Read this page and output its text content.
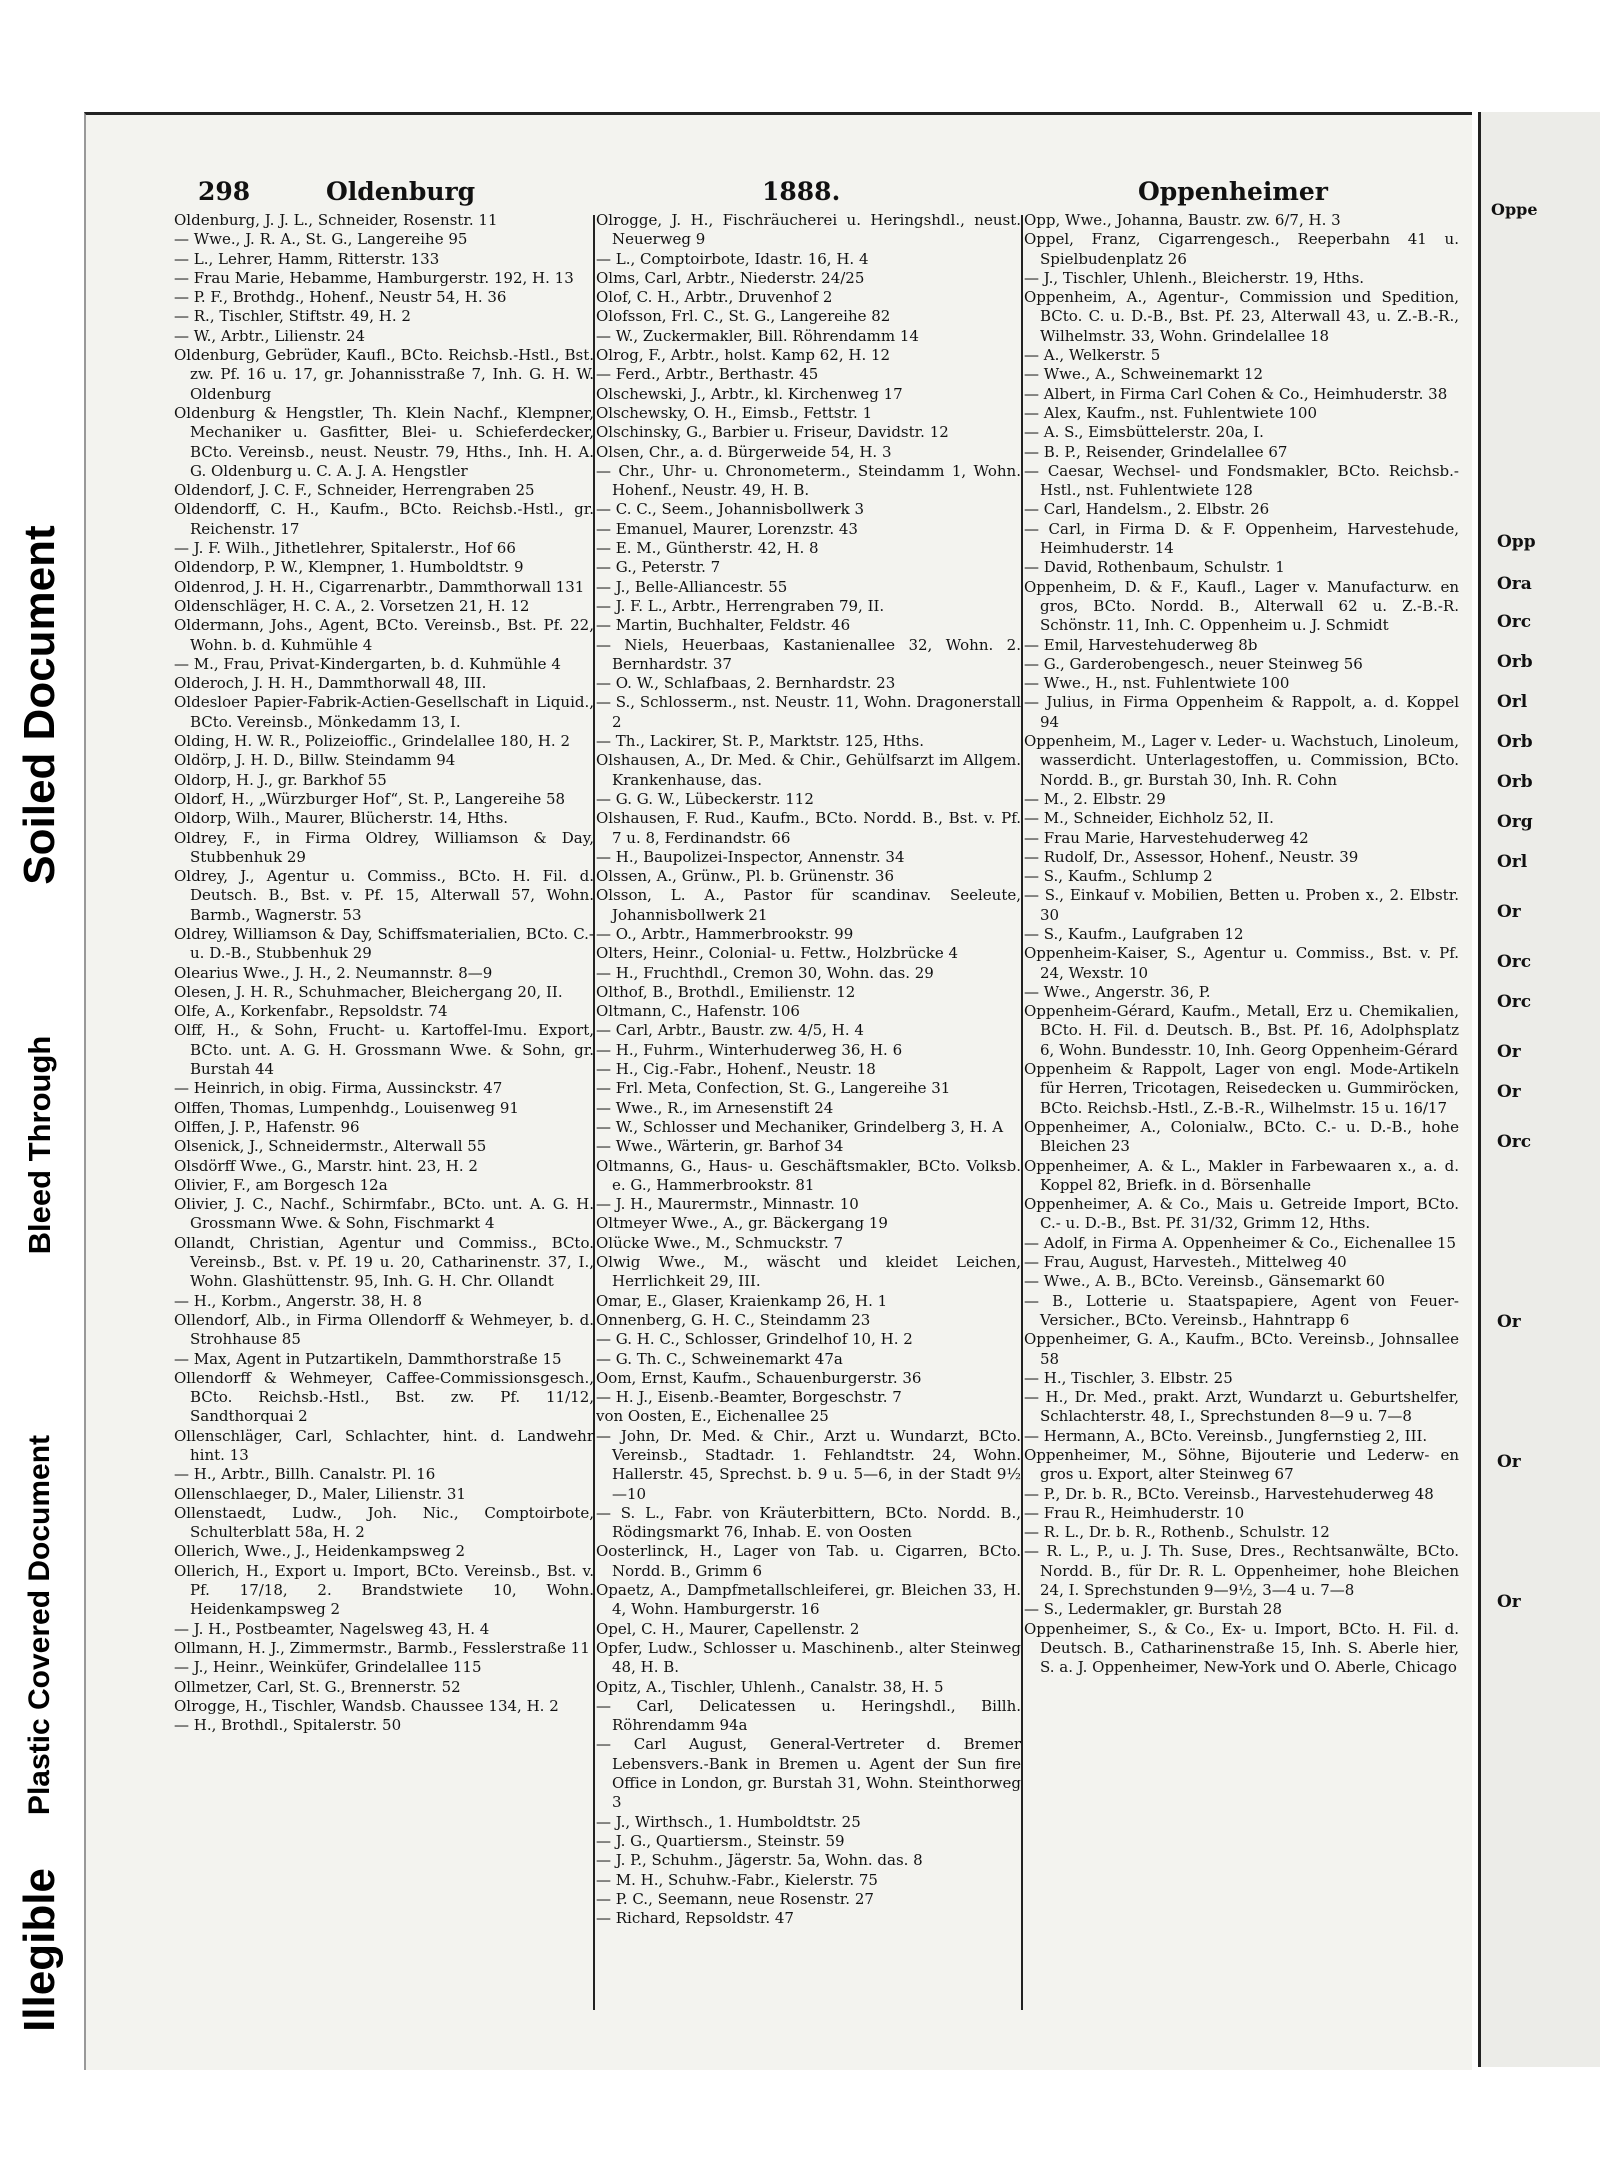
Illegible
Plastic Covered Document
Bleed Through
Soiled Document
298	Oldenburg	1888.	Oppenheimer

Oldenburg, J. J. L., Schneider, Rosenstr. 11

— Wwe., J. R. A., St. G., Langereihe 95

— L., Lehrer, Hamm, Ritterstr. 133

— Frau Marie, Hebamme, Hamburgerstr. 192, H. 13

— P. F., Brothdg., Hohenf., Neustr 54, H. 36

— R., Tischler, Stiftstr. 49, H. 2

— W., Arbtr., Lilienstr. 24

Oldenburg, Gebrüder, Kaufl., BCto. Reichsb.-Hstl., Bst. zw. Pf. 16 u. 17, gr. Johannisstraße 7, Inh. G. H. W. Oldenburg

Oldenburg & Hengstler, Th. Klein Nachf., Klempner, Mechaniker u. Gasfitter, Blei- u. Schieferdecker, BCto. Vereinsb., neust. Neustr. 79, Hths., Inh. H. A. G. Oldenburg u. C. A. J. A. Hengstler

Oldendorf, J. C. F., Schneider, Herrengraben 25

Oldendorff, C. H., Kaufm., BCto. Reichsb.-Hstl., gr. Reichenstr. 17

— J. F. Wilh., Jithetlehrer, Spitalerstr., Hof 66

Oldendorp, P. W., Klempner, 1. Humboldtstr. 9

Oldenrod, J. H. H., Cigarrenarbtr., Dammthorwall 131

Oldenschläger, H. C. A., 2. Vorsetzen 21, H. 12

Oldermann, Johs., Agent, BCto. Vereinsb., Bst. Pf. 22, Wohn. b. d. Kuhmühle 4

— M., Frau, Privat-Kindergarten, b. d. Kuhmühle 4

Olderoch, J. H. H., Dammthorwall 48, III.

Oldesloer Papier-Fabrik-Actien-Gesellschaft in Liquid., BCto. Vereinsb., Mönkedamm 13, I.

Olding, H. W. R., Polizeioffic., Grindelallee 180, H. 2

Oldörp, J. H. D., Billw. Steindamm 94

Oldorp, H. J., gr. Barkhof 55

Oldorf, H., „Würzburger Hof“, St. P., Langereihe 58

Oldorp, Wilh., Maurer, Blücherstr. 14, Hths.

Oldrey, F., in Firma Oldrey, Williamson & Day, Stubbenhuk 29

Oldrey, J., Agentur u. Commiss., BCto. H. Fil. d. Deutsch. B., Bst. v. Pf. 15, Alterwall 57, Wohn. Barmb., Wagnerstr. 53

Oldrey, Williamson & Day, Schiffsmaterialien, BCto. C.- u. D.-B., Stubbenhuk 29

Olearius Wwe., J. H., 2. Neumannstr. 8—9

Olesen, J. H. R., Schuhmacher, Bleichergang 20, II.

Olfe, A., Korkenfabr., Repsoldstr. 74

Olff, H., & Sohn, Frucht- u. Kartoffel-Imu. Export, BCto. unt. A. G. H. Grossmann Wwe. & Sohn, gr. Burstah 44

— Heinrich, in obig. Firma, Aussinckstr. 47

Olffen, Thomas, Lumpenhdg., Louisenweg 91

Olffen, J. P., Hafenstr. 96

Olsenick, J., Schneidermstr., Alterwall 55

Olsdörff Wwe., G., Marstr. hint. 23, H. 2

Olivier, F., am Borgesch 12a

Olivier, J. C., Nachf., Schirmfabr., BCto. unt. A. G. H. Grossmann Wwe. & Sohn, Fischmarkt 4

Ollandt, Christian, Agentur und Commiss., BCto. Vereinsb., Bst. v. Pf. 19 u. 20, Catharinenstr. 37, I., Wohn. Glashüttenstr. 95, Inh. G. H. Chr. Ollandt

— H., Korbm., Angerstr. 38, H. 8

Ollendorf, Alb., in Firma Ollendorff & Wehmeyer, b. d. Strohhause 85

— Max, Agent in Putzartikeln, Dammthorstraße 15

Ollendorff & Wehmeyer, Caffee-Commissionsgesch., BCto. Reichsb.-Hstl., Bst. zw. Pf. 11/12, Sandthorquai 2

Ollenschläger, Carl, Schlachter, hint. d. Landwehr hint. 13

— H., Arbtr., Billh. Canalstr. Pl. 16

Ollenschlaeger, D., Maler, Lilienstr. 31

Ollenstaedt, Ludw., Joh. Nic., Comptoirbote, Schulterblatt 58a, H. 2

Ollerich, Wwe., J., Heidenkampsweg 2

Ollerich, H., Export u. Import, BCto. Vereinsb., Bst. v. Pf. 17/18, 2. Brandstwiete 10, Wohn. Heidenkampsweg 2

— J. H., Postbeamter, Nagelsweg 43, H. 4

Ollmann, H. J., Zimmermstr., Barmb., Fesslerstraße 11

— J., Heinr., Weinküfer, Grindelallee 115

Ollmetzer, Carl, St. G., Brennerstr. 52

Olrogge, H., Tischler, Wandsb. Chaussee 134, H. 2

— H., Brothdl., Spitalerstr. 50

Olrogge, J. H., Fischräucherei u. Heringshdl., neust. Neuerweg 9

— L., Comptoirbote, Idastr. 16, H. 4

Olms, Carl, Arbtr., Niederstr. 24/25

Olof, C. H., Arbtr., Druvenhof 2

Olofsson, Frl. C., St. G., Langereihe 82

— W., Zuckermakler, Bill. Röhrendamm 14

Olrog, F., Arbtr., holst. Kamp 62, H. 12

— Ferd., Arbtr., Berthastr. 45

Olschewski, J., Arbtr., kl. Kirchenweg 17

Olschewsky, O. H., Eimsb., Fettstr. 1

Olschinsky, G., Barbier u. Friseur, Davidstr. 12

Olsen, Chr., a. d. Bürgerweide 54, H. 3

— Chr., Uhr- u. Chronometerm., Steindamm 1, Wohn. Hohenf., Neustr. 49, H. B.

— C. C., Seem., Johannisbollwerk 3

— Emanuel, Maurer, Lorenzstr. 43

— E. M., Güntherstr. 42, H. 8

— G., Peterstr. 7

— J., Belle-Alliancestr. 55

— J. F. L., Arbtr., Herrengraben 79, II.

— Martin, Buchhalter, Feldstr. 46

— Niels, Heuerbaas, Kastanienallee 32, Wohn. 2. Bernhardstr. 37

— O. W., Schlafbaas, 2. Bernhardstr. 23

— S., Schlosserm., nst. Neustr. 11, Wohn. Dragonerstall 2

— Th., Lackirer, St. P., Marktstr. 125, Hths.

Olshausen, A., Dr. Med. & Chir., Gehülfsarzt im Allgem. Krankenhause, das.

— G. G. W., Lübeckerstr. 112

Olshausen, F. Rud., Kaufm., BCto. Nordd. B., Bst. v. Pf. 7 u. 8, Ferdinandstr. 66

— H., Baupolizei-Inspector, Annenstr. 34

Olssen, A., Grünw., Pl. b. Grünenstr. 36

Olsson, L. A., Pastor für scandinav. Seeleute, Johannisbollwerk 21

— O., Arbtr., Hammerbrookstr. 99

Olters, Heinr., Colonial- u. Fettw., Holzbrücke 4

— H., Fruchthdl., Cremon 30, Wohn. das. 29

Olthof, B., Brothdl., Emilienstr. 12

Oltmann, C., Hafenstr. 106

— Carl, Arbtr., Baustr. zw. 4/5, H. 4

— H., Fuhrm., Winterhuderweg 36, H. 6

— H., Cig.-Fabr., Hohenf., Neustr. 18

— Frl. Meta, Confection, St. G., Langereihe 31

— Wwe., R., im Arnesenstift 24

— W., Schlosser und Mechaniker, Grindelberg 3, H. A

— Wwe., Wärterin, gr. Barhof 34

Oltmanns, G., Haus- u. Geschäftsmakler, BCto. Volksb. e. G., Hammerbrookstr. 81

— J. H., Maurermstr., Minnastr. 10

Oltmeyer Wwe., A., gr. Bäckergang 19

Olücke Wwe., M., Schmuckstr. 7

Olwig Wwe., M., wäscht und kleidet Leichen, Herrlichkeit 29, III.

Omar, E., Glaser, Kraienkamp 26, H. 1

Onnenberg, G. H. C., Steindamm 23

— G. H. C., Schlosser, Grindelhof 10, H. 2

— G. Th. C., Schweinemarkt 47a

Oom, Ernst, Kaufm., Schauenburgerstr. 36

— H. J., Eisenb.-Beamter, Borgeschstr. 7

von Oosten, E., Eichenallee 25

— John, Dr. Med. & Chir., Arzt u. Wundarzt, BCto. Vereinsb., Stadtadr. 1. Fehlandtstr. 24, Wohn. Hallerstr. 45, Sprechst. b. 9 u. 5—6, in der Stadt 9½—10

— S. L., Fabr. von Kräuterbittern, BCto. Nordd. B., Rödingsmarkt 76, Inhab. E. von Oosten

Oosterlinck, H., Lager von Tab. u. Cigarren, BCto. Nordd. B., Grimm 6

Opaetz, A., Dampfmetallschleiferei, gr. Bleichen 33, H. 4, Wohn. Hamburgerstr. 16

Opel, C. H., Maurer, Capellenstr. 2

Opfer, Ludw., Schlosser u. Maschinenb., alter Steinweg 48, H. B.

Opitz, A., Tischler, Uhlenh., Canalstr. 38, H. 5

— Carl, Delicatessen u. Heringshdl., Billh. Röhrendamm 94a

— Carl August, General-Vertreter d. Bremer Lebensvers.-Bank in Bremen u. Agent der Sun fire Office in London, gr. Burstah 31, Wohn. Steinthorweg 3

— J., Wirthsch., 1. Humboldtstr. 25

— J. G., Quartiersm., Steinstr. 59

— J. P., Schuhm., Jägerstr. 5a, Wohn. das. 8

— M. H., Schuhw.-Fabr., Kielerstr. 75

— P. C., Seemann, neue Rosenstr. 27

— Richard, Repsoldstr. 47

Opp, Wwe., Johanna, Baustr. zw. 6/7, H. 3

Oppel, Franz, Cigarrengesch., Reeperbahn 41 u. Spielbudenplatz 26

— J., Tischler, Uhlenh., Bleicherstr. 19, Hths.

Oppenheim, A., Agentur-, Commission und Spedition, BCto. C. u. D.-B., Bst. Pf. 23, Alterwall 43, u. Z.-B.-R., Wilhelmstr. 33, Wohn. Grindelallee 18

— A., Welkerstr. 5

— Wwe., A., Schweinemarkt 12

— Albert, in Firma Carl Cohen & Co., Heimhuderstr. 38

— Alex, Kaufm., nst. Fuhlentwiete 100

— A. S., Eimsbüttelerstr. 20a, I.

— B. P., Reisender, Grindelallee 67

— Caesar, Wechsel- und Fondsmakler, BCto. Reichsb.-Hstl., nst. Fuhlentwiete 128

— Carl, Handelsm., 2. Elbstr. 26

— Carl, in Firma D. & F. Oppenheim, Harvestehude, Heimhuderstr. 14

— David, Rothenbaum, Schulstr. 1

Oppenheim, D. & F., Kaufl., Lager v. Manufacturw. en gros, BCto. Nordd. B., Alterwall 62 u. Z.-B.-R. Schönstr. 11, Inh. C. Oppenheim u. J. Schmidt

— Emil, Harvestehuderweg 8b

— G., Garderobengesch., neuer Steinweg 56

— Wwe., H., nst. Fuhlentwiete 100

— Julius, in Firma Oppenheim & Rappolt, a. d. Koppel 94

Oppenheim, M., Lager v. Leder- u. Wachstuch, Linoleum, wasserdicht. Unterlagestoffen, u. Commission, BCto. Nordd. B., gr. Burstah 30, Inh. R. Cohn

— M., 2. Elbstr. 29

— M., Schneider, Eichholz 52, II.

— Frau Marie, Harvestehuderweg 42

— Rudolf, Dr., Assessor, Hohenf., Neustr. 39

— S., Kaufm., Schlump 2

— S., Einkauf v. Mobilien, Betten u. Proben x., 2. Elbstr. 30

— S., Kaufm., Laufgraben 12

Oppenheim-Kaiser, S., Agentur u. Commiss., Bst. v. Pf. 24, Wexstr. 10

— Wwe., Angerstr. 36, P.

Oppenheim-Gérard, Kaufm., Metall, Erz u. Chemikalien, BCto. H. Fil. d. Deutsch. B., Bst. Pf. 16, Adolphsplatz 6, Wohn. Bundesstr. 10, Inh. Georg Oppenheim-Gérard

Oppenheim & Rappolt, Lager von engl. Mode-Artikeln für Herren, Tricotagen, Reisedecken u. Gummiröcken, BCto. Reichsb.-Hstl., Z.-B.-R., Wilhelmstr. 15 u. 16/17

Oppenheimer, A., Colonialw., BCto. C.- u. D.-B., hohe Bleichen 23

Oppenheimer, A. & L., Makler in Farbewaaren x., a. d. Koppel 82, Briefk. in d. Börsenhalle

Oppenheimer, A. & Co., Mais u. Getreide Import, BCto. C.- u. D.-B., Bst. Pf. 31/32, Grimm 12, Hths.

— Adolf, in Firma A. Oppenheimer & Co., Eichenallee 15

— Frau, August, Harvesteh., Mittelweg 40

— Wwe., A. B., BCto. Vereinsb., Gänsemarkt 60

— B., Lotterie u. Staatspapiere, Agent von Feuer-Versicher., BCto. Vereinsb., Hahntrapp 6

Oppenheimer, G. A., Kaufm., BCto. Vereinsb., Johnsallee 58

— H., Tischler, 3. Elbstr. 25

— H., Dr. Med., prakt. Arzt, Wundarzt u. Geburtshelfer, Schlachterstr. 48, I., Sprechstunden 8—9 u. 7—8

— Hermann, A., BCto. Vereinsb., Jungfernstieg 2, III.

Oppenheimer, M., Söhne, Bijouterie und Lederw- en gros u. Export, alter Steinweg 67

— P., Dr. b. R., BCto. Vereinsb., Harvestehuderweg 48

— Frau R., Heimhuderstr. 10

— R. L., Dr. b. R., Rothenb., Schulstr. 12

— R. L., P., u. J. Th. Suse, Dres., Rechtsanwälte, BCto. Nordd. B., für Dr. R. L. Oppenheimer, hohe Bleichen 24, I. Sprechstunden 9—9½, 3—4 u. 7—8

— S., Ledermakler, gr. Burstah 28

Oppenheimer, S., & Co., Ex- u. Import, BCto. H. Fil. d. Deutsch. B., Catharinenstraße 15, Inh. S. Aberle hier, S. a. J. Oppenheimer, New-York und O. Aberle, Chicago

Oppe
Opp
Ora
Orc
Orb
Orl
Orb
Orb
Org
Orl
Or
Orc
Orc
Or
Or
Orc
Or
Or
Or
